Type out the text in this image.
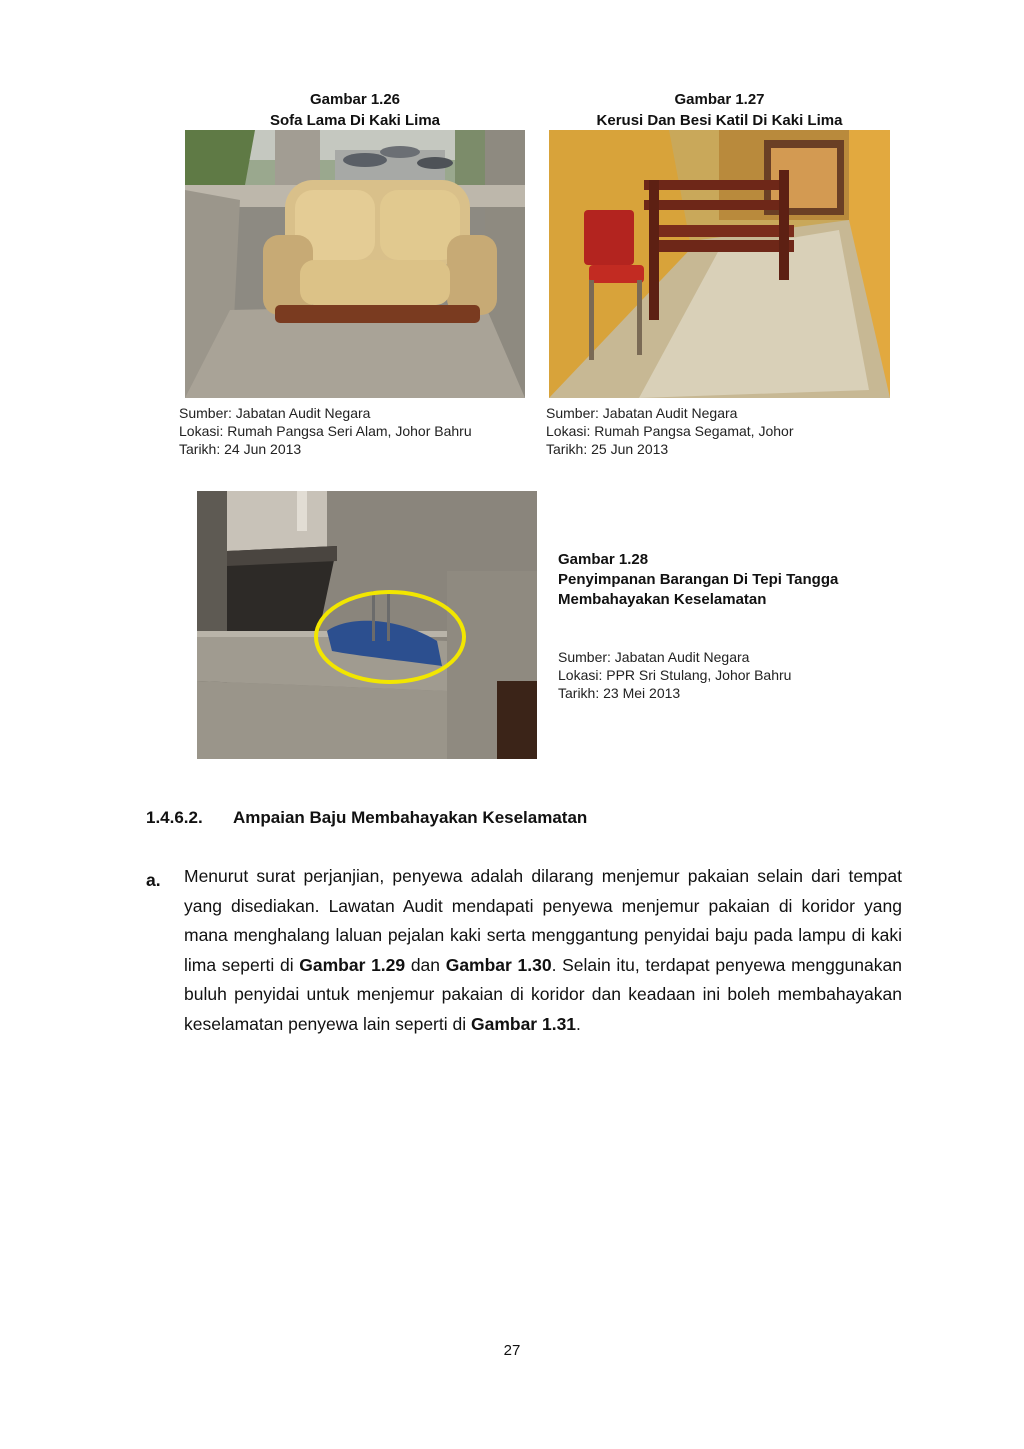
Gambar 1.26
Sofa Lama Di Kaki Lima
Gambar 1.27
Kerusi Dan Besi Katil Di Kaki Lima
Sumber: Jabatan Audit Negara
Lokasi: Rumah Pangsa Seri Alam, Johor Bahru
Tarikh: 24 Jun 2013
Sumber: Jabatan Audit Negara
Lokasi: Rumah Pangsa Segamat, Johor
Tarikh: 25 Jun 2013
Gambar 1.28
Penyimpanan Barangan Di Tepi Tangga
Membahayakan Keselamatan
Sumber: Jabatan Audit Negara
Lokasi: PPR Sri Stulang, Johor Bahru
Tarikh: 23 Mei 2013
1.4.6.2. Ampaian Baju Membahayakan Keselamatan
a. Menurut surat perjanjian, penyewa adalah dilarang menjemur pakaian selain dari tempat yang disediakan. Lawatan Audit mendapati penyewa menjemur pakaian di koridor yang mana menghalang laluan pejalan kaki serta menggantung penyidai baju pada lampu di kaki lima seperti di Gambar 1.29 dan Gambar 1.30. Selain itu, terdapat penyewa menggunakan buluh penyidai untuk menjemur pakaian di koridor dan keadaan ini boleh membahayakan keselamatan penyewa lain seperti di Gambar 1.31.
27
